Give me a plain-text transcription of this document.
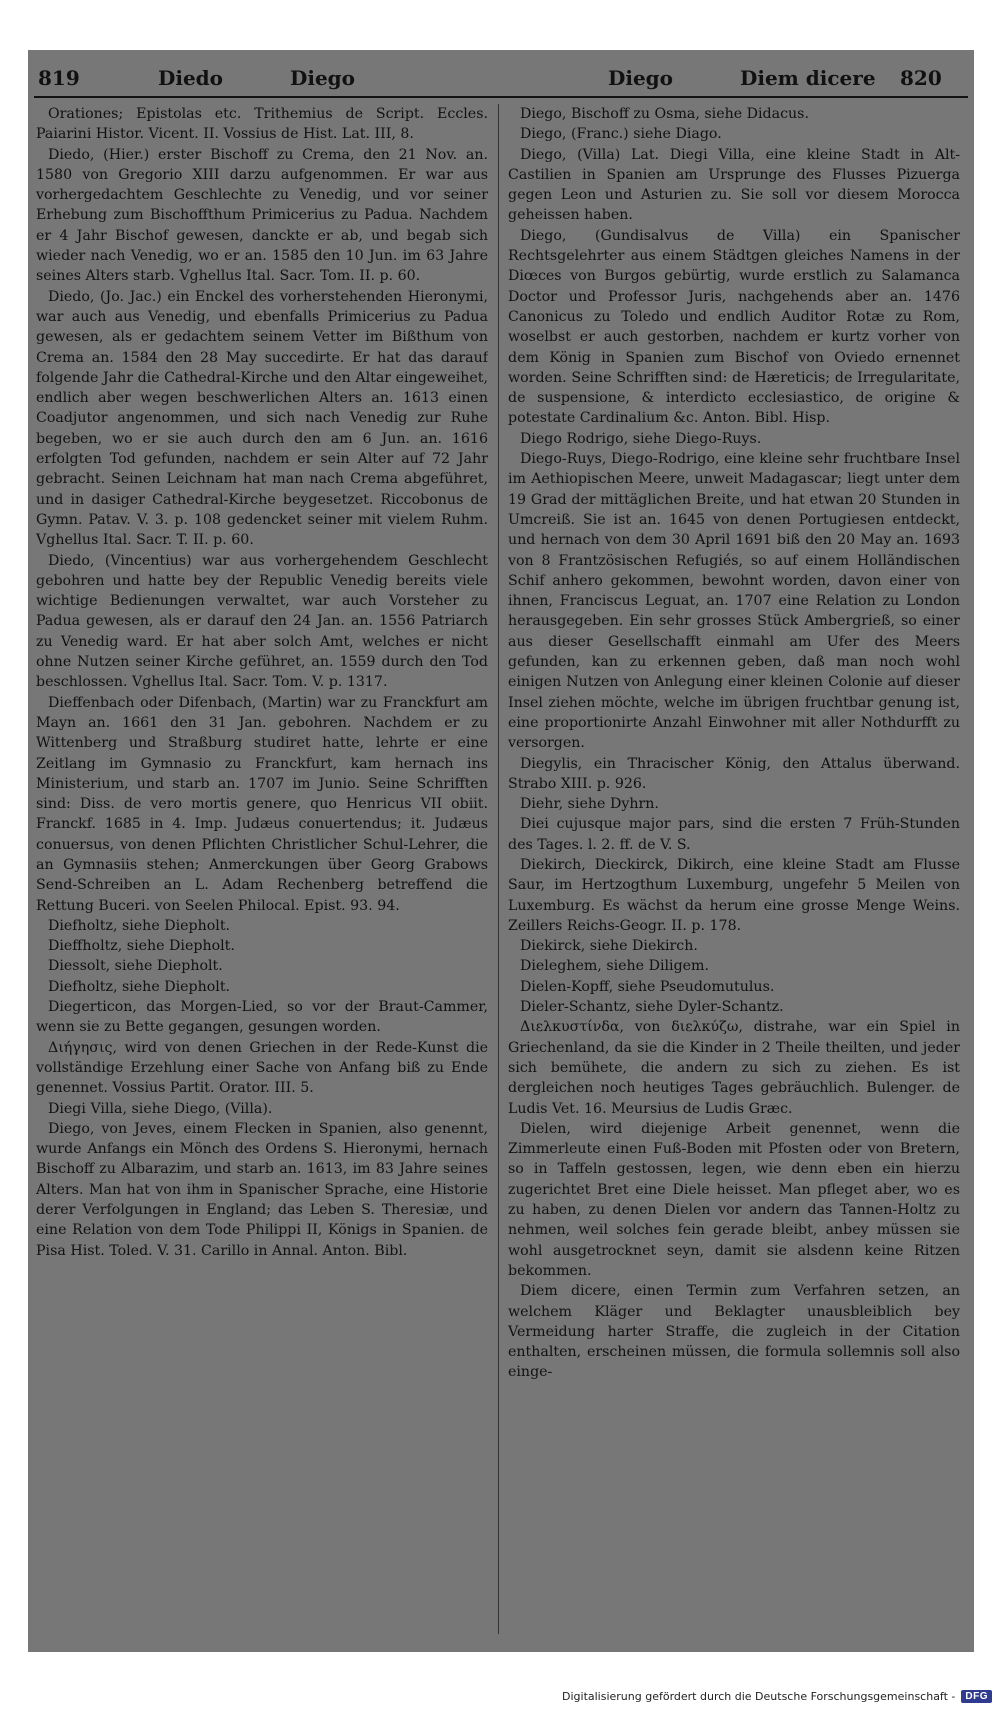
819	Diedo	Diego	Diego	Diem dicere 820

Orationes; Epistolas etc. Trithemius de Script. Eccles. Paiarini Histor. Vicent. II. Vossius de Hist. Lat. III, 8.

Diedo, (Hier.) erster Bischoff zu Crema, den 21 Nov. an. 1580 von Gregorio XIII darzu aufgenommen. Er war aus vorhergedachtem Geschlechte zu Venedig, und vor seiner Erhebung zum Bischoffthum Primicerius zu Padua. Nachdem er 4 Jahr Bischof gewesen, danckte er ab, und begab sich wieder nach Venedig, wo er an. 1585 den 10 Jun. im 63 Jahre seines Alters starb. Vghellus Ital. Sacr. Tom. II. p. 60.

Diedo, (Jo. Jac.) ein Enckel des vorherstehenden Hieronymi, war auch aus Venedig, und ebenfalls Primicerius zu Padua gewesen, als er gedachtem seinem Vetter im Bißthum von Crema an. 1584 den 28 May succedirte. Er hat das darauf folgende Jahr die Cathedral-Kirche und den Altar eingeweihet, endlich aber wegen beschwerlichen Alters an. 1613 einen Coadjutor angenommen, und sich nach Venedig zur Ruhe begeben, wo er sie auch durch den am 6 Jun. an. 1616 erfolgten Tod gefunden, nachdem er sein Alter auf 72 Jahr gebracht. Seinen Leichnam hat man nach Crema abgeführet, und in dasiger Cathedral-Kirche beygesetzet. Riccobonus de Gymn. Patav. V. 3. p. 108 gedencket seiner mit vielem Ruhm. Vghellus Ital. Sacr. T. II. p. 60.

Diedo, (Vincentius) war aus vorhergehendem Geschlecht gebohren und hatte bey der Republic Venedig bereits viele wichtige Bedienungen verwaltet, war auch Vorsteher zu Padua gewesen, als er darauf den 24 Jan. an. 1556 Patriarch zu Venedig ward. Er hat aber solch Amt, welches er nicht ohne Nutzen seiner Kirche geführet, an. 1559 durch den Tod beschlossen. Vghellus Ital. Sacr. Tom. V. p. 1317.

Dieffenbach oder Difenbach, (Martin) war zu Franckfurt am Mayn an. 1661 den 31 Jan. gebohren. Nachdem er zu Wittenberg und Straßburg studiret hatte, lehrte er eine Zeitlang im Gymnasio zu Franckfurt, kam hernach ins Ministerium, und starb an. 1707 im Junio. Seine Schrifften sind: Diss. de vero mortis genere, quo Henricus VII obiit. Franckf. 1685 in 4. Imp. Judæus conuertendus; it. Judæus conuersus, von denen Pflichten Christlicher Schul-Lehrer, die an Gymnasiis stehen; Anmerckungen über Georg Grabows Send-Schreiben an L. Adam Rechenberg betreffend die Rettung Buceri. von Seelen Philocal. Epist. 93. 94.

Diefholtz, siehe Diepholt.

Dieffholtz, siehe Diepholt.

Diessolt, siehe Diepholt.

Diefholtz, siehe Diepholt.

Diegerticon, das Morgen-Lied, so vor der Braut-Cammer, wenn sie zu Bette gegangen, gesungen worden.

Διήγησις, wird von denen Griechen in der Rede-Kunst die vollständige Erzehlung einer Sache von Anfang biß zu Ende genennet. Vossius Partit. Orator. III. 5.

Diegi Villa, siehe Diego, (Villa).

Diego, von Jeves, einem Flecken in Spanien, also genennt, wurde Anfangs ein Mönch des Ordens S. Hieronymi, hernach Bischoff zu Albarazim, und starb an. 1613, im 83 Jahre seines Alters. Man hat von ihm in Spanischer Sprache, eine Historie derer Verfolgungen in England; das Leben S. Theresiæ, und eine Relation von dem Tode Philippi II, Königs in Spanien. de Pisa Hist. Toled. V. 31. Carillo in Annal. Anton. Bibl.

Diego, Bischoff zu Osma, siehe Didacus.

Diego, (Franc.) siehe Diago.

Diego, (Villa) Lat. Diegi Villa, eine kleine Stadt in Alt-Castilien in Spanien am Ursprunge des Flusses Pizuerga gegen Leon und Asturien zu. Sie soll vor diesem Morocca geheissen haben.

Diego, (Gundisalvus de Villa) ein Spanischer Rechtsgelehrter aus einem Städtgen gleiches Namens in der Diœces von Burgos gebürtig, wurde erstlich zu Salamanca Doctor und Professor Juris, nachgehends aber an. 1476 Canonicus zu Toledo und endlich Auditor Rotæ zu Rom, woselbst er auch gestorben, nachdem er kurtz vorher von dem König in Spanien zum Bischof von Oviedo ernennet worden. Seine Schrifften sind: de Hæreticis; de Irregularitate, de suspensione, & interdicto ecclesiastico, de origine & potestate Cardinalium &c. Anton. Bibl. Hisp.

Diego Rodrigo, siehe Diego-Ruys.

Diego-Ruys, Diego-Rodrigo, eine kleine sehr fruchtbare Insel im Aethiopischen Meere, unweit Madagascar; liegt unter dem 19 Grad der mittäglichen Breite, und hat etwan 20 Stunden in Umcreiß. Sie ist an. 1645 von denen Portugiesen entdeckt, und hernach von dem 30 April 1691 biß den 20 May an. 1693 von 8 Frantzösischen Refugiés, so auf einem Holländischen Schif anhero gekommen, bewohnt worden, davon einer von ihnen, Franciscus Leguat, an. 1707 eine Relation zu London herausgegeben. Ein sehr grosses Stück Ambergrieß, so einer aus dieser Gesellschafft einmahl am Ufer des Meers gefunden, kan zu erkennen geben, daß man noch wohl einigen Nutzen von Anlegung einer kleinen Colonie auf dieser Insel ziehen möchte, welche im übrigen fruchtbar genung ist, eine proportionirte Anzahl Einwohner mit aller Nothdurfft zu versorgen.

Diegylis, ein Thracischer König, den Attalus überwand. Strabo XIII. p. 926.

Diehr, siehe Dyhrn.

Diei cujusque major pars, sind die ersten 7 Früh-Stunden des Tages. l. 2. ff. de V. S.

Diekirch, Dieckirck, Dikirch, eine kleine Stadt am Flusse Saur, im Hertzogthum Luxemburg, ungefehr 5 Meilen von Luxemburg. Es wächst da herum eine grosse Menge Weins. Zeillers Reichs-Geogr. II. p. 178.

Diekirck, siehe Diekirch.

Dieleghem, siehe Diligem.

Dielen-Kopff, siehe Pseudomutulus.

Dieler-Schantz, siehe Dyler-Schantz.

Διελκυστίνδα, von διελκύζω, distrahe, war ein Spiel in Griechenland, da sie die Kinder in 2 Theile theilten, und jeder sich bemühete, die andern zu sich zu ziehen. Es ist dergleichen noch heutiges Tages gebräuchlich. Bulenger. de Ludis Vet. 16. Meursius de Ludis Græc.

Dielen, wird diejenige Arbeit genennet, wenn die Zimmerleute einen Fuß-Boden mit Pfosten oder von Bretern, so in Taffeln gestossen, legen, wie denn eben ein hierzu zugerichtet Bret eine Diele heisset. Man pfleget aber, wo es zu haben, zu denen Dielen vor andern das Tannen-Holtz zu nehmen, weil solches fein gerade bleibt, anbey müssen sie wohl ausgetrocknet seyn, damit sie alsdenn keine Ritzen bekommen.

Diem dicere, einen Termin zum Verfahren setzen, an welchem Kläger und Beklagter unausbleiblich bey Vermeidung harter Straffe, die zugleich in der Citation enthalten, erscheinen müssen, die formula sollemnis soll also einge-

Digitalisierung gefördert durch die Deutsche Forschungsgemeinschaft -	DFG
